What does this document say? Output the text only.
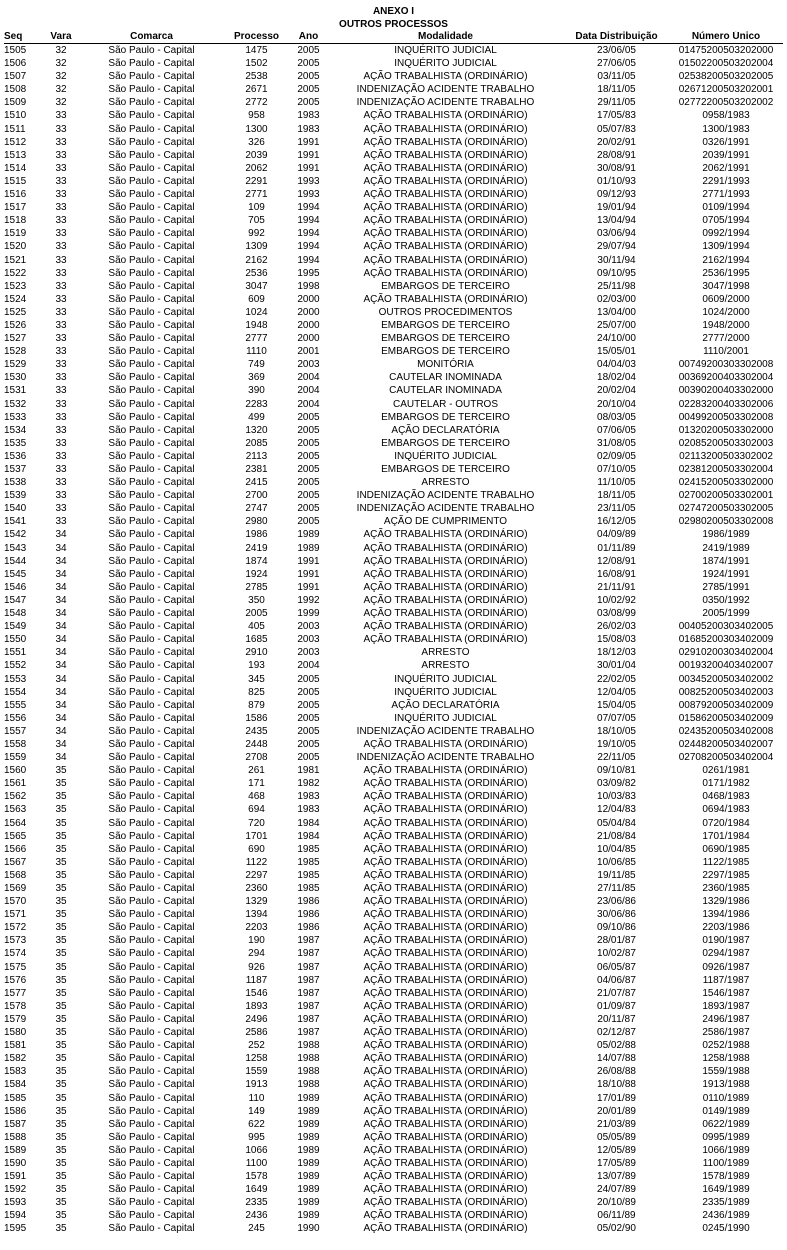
ANEXO I
OUTROS PROCESSOS
Seq	Vara	Comarca	Processo	Ano	Modalidade	Data Distribuição	Número Único
1505	32	São Paulo - Capital	1475	2005	INQUÉRITO JUDICIAL	23/06/05	01475200503202000
1506	32	São Paulo - Capital	1502	2005	INQUÉRITO JUDICIAL	27/06/05	01502200503202004
1507	32	São Paulo - Capital	2538	2005	AÇÃO TRABALHISTA (ORDINÁRIO)	03/11/05	02538200503202005
1508	32	São Paulo - Capital	2671	2005	INDENIZAÇÃO ACIDENTE TRABALHO	18/11/05	02671200503202001
1509	32	São Paulo - Capital	2772	2005	INDENIZAÇÃO ACIDENTE TRABALHO	29/11/05	02772200503202002
1510	33	São Paulo - Capital	958	1983	AÇÃO TRABALHISTA (ORDINÁRIO)	17/05/83	0958/1983
1511	33	São Paulo - Capital	1300	1983	AÇÃO TRABALHISTA (ORDINÁRIO)	05/07/83	1300/1983
1512	33	São Paulo - Capital	326	1991	AÇÃO TRABALHISTA (ORDINÁRIO)	20/02/91	0326/1991
1513	33	São Paulo - Capital	2039	1991	AÇÃO TRABALHISTA (ORDINÁRIO)	28/08/91	2039/1991
1514	33	São Paulo - Capital	2062	1991	AÇÃO TRABALHISTA (ORDINÁRIO)	30/08/91	2062/1991
1515	33	São Paulo - Capital	2291	1993	AÇÃO TRABALHISTA (ORDINÁRIO)	01/10/93	2291/1993
1516	33	São Paulo - Capital	2771	1993	AÇÃO TRABALHISTA (ORDINÁRIO)	09/12/93	2771/1993
1517	33	São Paulo - Capital	109	1994	AÇÃO TRABALHISTA (ORDINÁRIO)	19/01/94	0109/1994
1518	33	São Paulo - Capital	705	1994	AÇÃO TRABALHISTA (ORDINÁRIO)	13/04/94	0705/1994
1519	33	São Paulo - Capital	992	1994	AÇÃO TRABALHISTA (ORDINÁRIO)	03/06/94	0992/1994
1520	33	São Paulo - Capital	1309	1994	AÇÃO TRABALHISTA (ORDINÁRIO)	29/07/94	1309/1994
1521	33	São Paulo - Capital	2162	1994	AÇÃO TRABALHISTA (ORDINÁRIO)	30/11/94	2162/1994
1522	33	São Paulo - Capital	2536	1995	AÇÃO TRABALHISTA (ORDINÁRIO)	09/10/95	2536/1995
1523	33	São Paulo - Capital	3047	1998	EMBARGOS DE TERCEIRO	25/11/98	3047/1998
1524	33	São Paulo - Capital	609	2000	AÇÃO TRABALHISTA (ORDINÁRIO)	02/03/00	0609/2000
1525	33	São Paulo - Capital	1024	2000	OUTROS PROCEDIMENTOS	13/04/00	1024/2000
1526	33	São Paulo - Capital	1948	2000	EMBARGOS DE TERCEIRO	25/07/00	1948/2000
1527	33	São Paulo - Capital	2777	2000	EMBARGOS DE TERCEIRO	24/10/00	2777/2000
1528	33	São Paulo - Capital	1110	2001	EMBARGOS DE TERCEIRO	15/05/01	1110/2001
1529	33	São Paulo - Capital	749	2003	MONITÓRIA	04/04/03	00749200303302008
1530	33	São Paulo - Capital	369	2004	CAUTELAR INOMINADA	18/02/04	00369200403302004
1531	33	São Paulo - Capital	390	2004	CAUTELAR INOMINADA	20/02/04	00390200403302000
1532	33	São Paulo - Capital	2283	2004	CAUTELAR - OUTROS	20/10/04	02283200403302006
1533	33	São Paulo - Capital	499	2005	EMBARGOS DE TERCEIRO	08/03/05	00499200503302008
1534	33	São Paulo - Capital	1320	2005	AÇÃO DECLARATÓRIA	07/06/05	01320200503302000
1535	33	São Paulo - Capital	2085	2005	EMBARGOS DE TERCEIRO	31/08/05	02085200503302003
1536	33	São Paulo - Capital	2113	2005	INQUÉRITO JUDICIAL	02/09/05	02113200503302002
1537	33	São Paulo - Capital	2381	2005	EMBARGOS DE TERCEIRO	07/10/05	02381200503302004
1538	33	São Paulo - Capital	2415	2005	ARRESTO	11/10/05	02415200503302000
1539	33	São Paulo - Capital	2700	2005	INDENIZAÇÃO ACIDENTE TRABALHO	18/11/05	02700200503302001
1540	33	São Paulo - Capital	2747	2005	INDENIZAÇÃO ACIDENTE TRABALHO	23/11/05	02747200503302005
1541	33	São Paulo - Capital	2980	2005	AÇÃO DE CUMPRIMENTO	16/12/05	02980200503302008
1542	34	São Paulo - Capital	1986	1989	AÇÃO TRABALHISTA (ORDINÁRIO)	04/09/89	1986/1989
1543	34	São Paulo - Capital	2419	1989	AÇÃO TRABALHISTA (ORDINÁRIO)	01/11/89	2419/1989
1544	34	São Paulo - Capital	1874	1991	AÇÃO TRABALHISTA (ORDINÁRIO)	12/08/91	1874/1991
1545	34	São Paulo - Capital	1924	1991	AÇÃO TRABALHISTA (ORDINÁRIO)	16/08/91	1924/1991
1546	34	São Paulo - Capital	2785	1991	AÇÃO TRABALHISTA (ORDINÁRIO)	21/11/91	2785/1991
1547	34	São Paulo - Capital	350	1992	AÇÃO TRABALHISTA (ORDINÁRIO)	10/02/92	0350/1992
1548	34	São Paulo - Capital	2005	1999	AÇÃO TRABALHISTA (ORDINÁRIO)	03/08/99	2005/1999
1549	34	São Paulo - Capital	405	2003	AÇÃO TRABALHISTA (ORDINÁRIO)	26/02/03	00405200303402005
1550	34	São Paulo - Capital	1685	2003	AÇÃO TRABALHISTA (ORDINÁRIO)	15/08/03	01685200303402009
1551	34	São Paulo - Capital	2910	2003	ARRESTO	18/12/03	02910200303402004
1552	34	São Paulo - Capital	193	2004	ARRESTO	30/01/04	00193200403402007
1553	34	São Paulo - Capital	345	2005	INQUÉRITO JUDICIAL	22/02/05	00345200503402002
1554	34	São Paulo - Capital	825	2005	INQUÉRITO JUDICIAL	12/04/05	00825200503402003
1555	34	São Paulo - Capital	879	2005	AÇÃO DECLARATÓRIA	15/04/05	00879200503402009
1556	34	São Paulo - Capital	1586	2005	INQUÉRITO JUDICIAL	07/07/05	01586200503402009
1557	34	São Paulo - Capital	2435	2005	INDENIZAÇÃO ACIDENTE TRABALHO	18/10/05	02435200503402008
1558	34	São Paulo - Capital	2448	2005	AÇÃO TRABALHISTA (ORDINÁRIO)	19/10/05	02448200503402007
1559	34	São Paulo - Capital	2708	2005	INDENIZAÇÃO ACIDENTE TRABALHO	22/11/05	02708200503402004
1560	35	São Paulo - Capital	261	1981	AÇÃO TRABALHISTA (ORDINÁRIO)	09/10/81	0261/1981
1561	35	São Paulo - Capital	171	1982	AÇÃO TRABALHISTA (ORDINÁRIO)	03/09/82	0171/1982
1562	35	São Paulo - Capital	468	1983	AÇÃO TRABALHISTA (ORDINÁRIO)	10/03/83	0468/1983
1563	35	São Paulo - Capital	694	1983	AÇÃO TRABALHISTA (ORDINÁRIO)	12/04/83	0694/1983
1564	35	São Paulo - Capital	720	1984	AÇÃO TRABALHISTA (ORDINÁRIO)	05/04/84	0720/1984
1565	35	São Paulo - Capital	1701	1984	AÇÃO TRABALHISTA (ORDINÁRIO)	21/08/84	1701/1984
1566	35	São Paulo - Capital	690	1985	AÇÃO TRABALHISTA (ORDINÁRIO)	10/04/85	0690/1985
1567	35	São Paulo - Capital	1122	1985	AÇÃO TRABALHISTA (ORDINÁRIO)	10/06/85	1122/1985
1568	35	São Paulo - Capital	2297	1985	AÇÃO TRABALHISTA (ORDINÁRIO)	19/11/85	2297/1985
1569	35	São Paulo - Capital	2360	1985	AÇÃO TRABALHISTA (ORDINÁRIO)	27/11/85	2360/1985
1570	35	São Paulo - Capital	1329	1986	AÇÃO TRABALHISTA (ORDINÁRIO)	23/06/86	1329/1986
1571	35	São Paulo - Capital	1394	1986	AÇÃO TRABALHISTA (ORDINÁRIO)	30/06/86	1394/1986
1572	35	São Paulo - Capital	2203	1986	AÇÃO TRABALHISTA (ORDINÁRIO)	09/10/86	2203/1986
1573	35	São Paulo - Capital	190	1987	AÇÃO TRABALHISTA (ORDINÁRIO)	28/01/87	0190/1987
1574	35	São Paulo - Capital	294	1987	AÇÃO TRABALHISTA (ORDINÁRIO)	10/02/87	0294/1987
1575	35	São Paulo - Capital	926	1987	AÇÃO TRABALHISTA (ORDINÁRIO)	06/05/87	0926/1987
1576	35	São Paulo - Capital	1187	1987	AÇÃO TRABALHISTA (ORDINÁRIO)	04/06/87	1187/1987
1577	35	São Paulo - Capital	1546	1987	AÇÃO TRABALHISTA (ORDINÁRIO)	21/07/87	1546/1987
1578	35	São Paulo - Capital	1893	1987	AÇÃO TRABALHISTA (ORDINÁRIO)	01/09/87	1893/1987
1579	35	São Paulo - Capital	2496	1987	AÇÃO TRABALHISTA (ORDINÁRIO)	20/11/87	2496/1987
1580	35	São Paulo - Capital	2586	1987	AÇÃO TRABALHISTA (ORDINÁRIO)	02/12/87	2586/1987
1581	35	São Paulo - Capital	252	1988	AÇÃO TRABALHISTA (ORDINÁRIO)	05/02/88	0252/1988
1582	35	São Paulo - Capital	1258	1988	AÇÃO TRABALHISTA (ORDINÁRIO)	14/07/88	1258/1988
1583	35	São Paulo - Capital	1559	1988	AÇÃO TRABALHISTA (ORDINÁRIO)	26/08/88	1559/1988
1584	35	São Paulo - Capital	1913	1988	AÇÃO TRABALHISTA (ORDINÁRIO)	18/10/88	1913/1988
1585	35	São Paulo - Capital	110	1989	AÇÃO TRABALHISTA (ORDINÁRIO)	17/01/89	0110/1989
1586	35	São Paulo - Capital	149	1989	AÇÃO TRABALHISTA (ORDINÁRIO)	20/01/89	0149/1989
1587	35	São Paulo - Capital	622	1989	AÇÃO TRABALHISTA (ORDINÁRIO)	21/03/89	0622/1989
1588	35	São Paulo - Capital	995	1989	AÇÃO TRABALHISTA (ORDINÁRIO)	05/05/89	0995/1989
1589	35	São Paulo - Capital	1066	1989	AÇÃO TRABALHISTA (ORDINÁRIO)	12/05/89	1066/1989
1590	35	São Paulo - Capital	1100	1989	AÇÃO TRABALHISTA (ORDINÁRIO)	17/05/89	1100/1989
1591	35	São Paulo - Capital	1578	1989	AÇÃO TRABALHISTA (ORDINÁRIO)	13/07/89	1578/1989
1592	35	São Paulo - Capital	1649	1989	AÇÃO TRABALHISTA (ORDINÁRIO)	24/07/89	1649/1989
1593	35	São Paulo - Capital	2335	1989	AÇÃO TRABALHISTA (ORDINÁRIO)	20/10/89	2335/1989
1594	35	São Paulo - Capital	2436	1989	AÇÃO TRABALHISTA (ORDINÁRIO)	06/11/89	2436/1989
1595	35	São Paulo - Capital	245	1990	AÇÃO TRABALHISTA (ORDINÁRIO)	05/02/90	0245/1990
